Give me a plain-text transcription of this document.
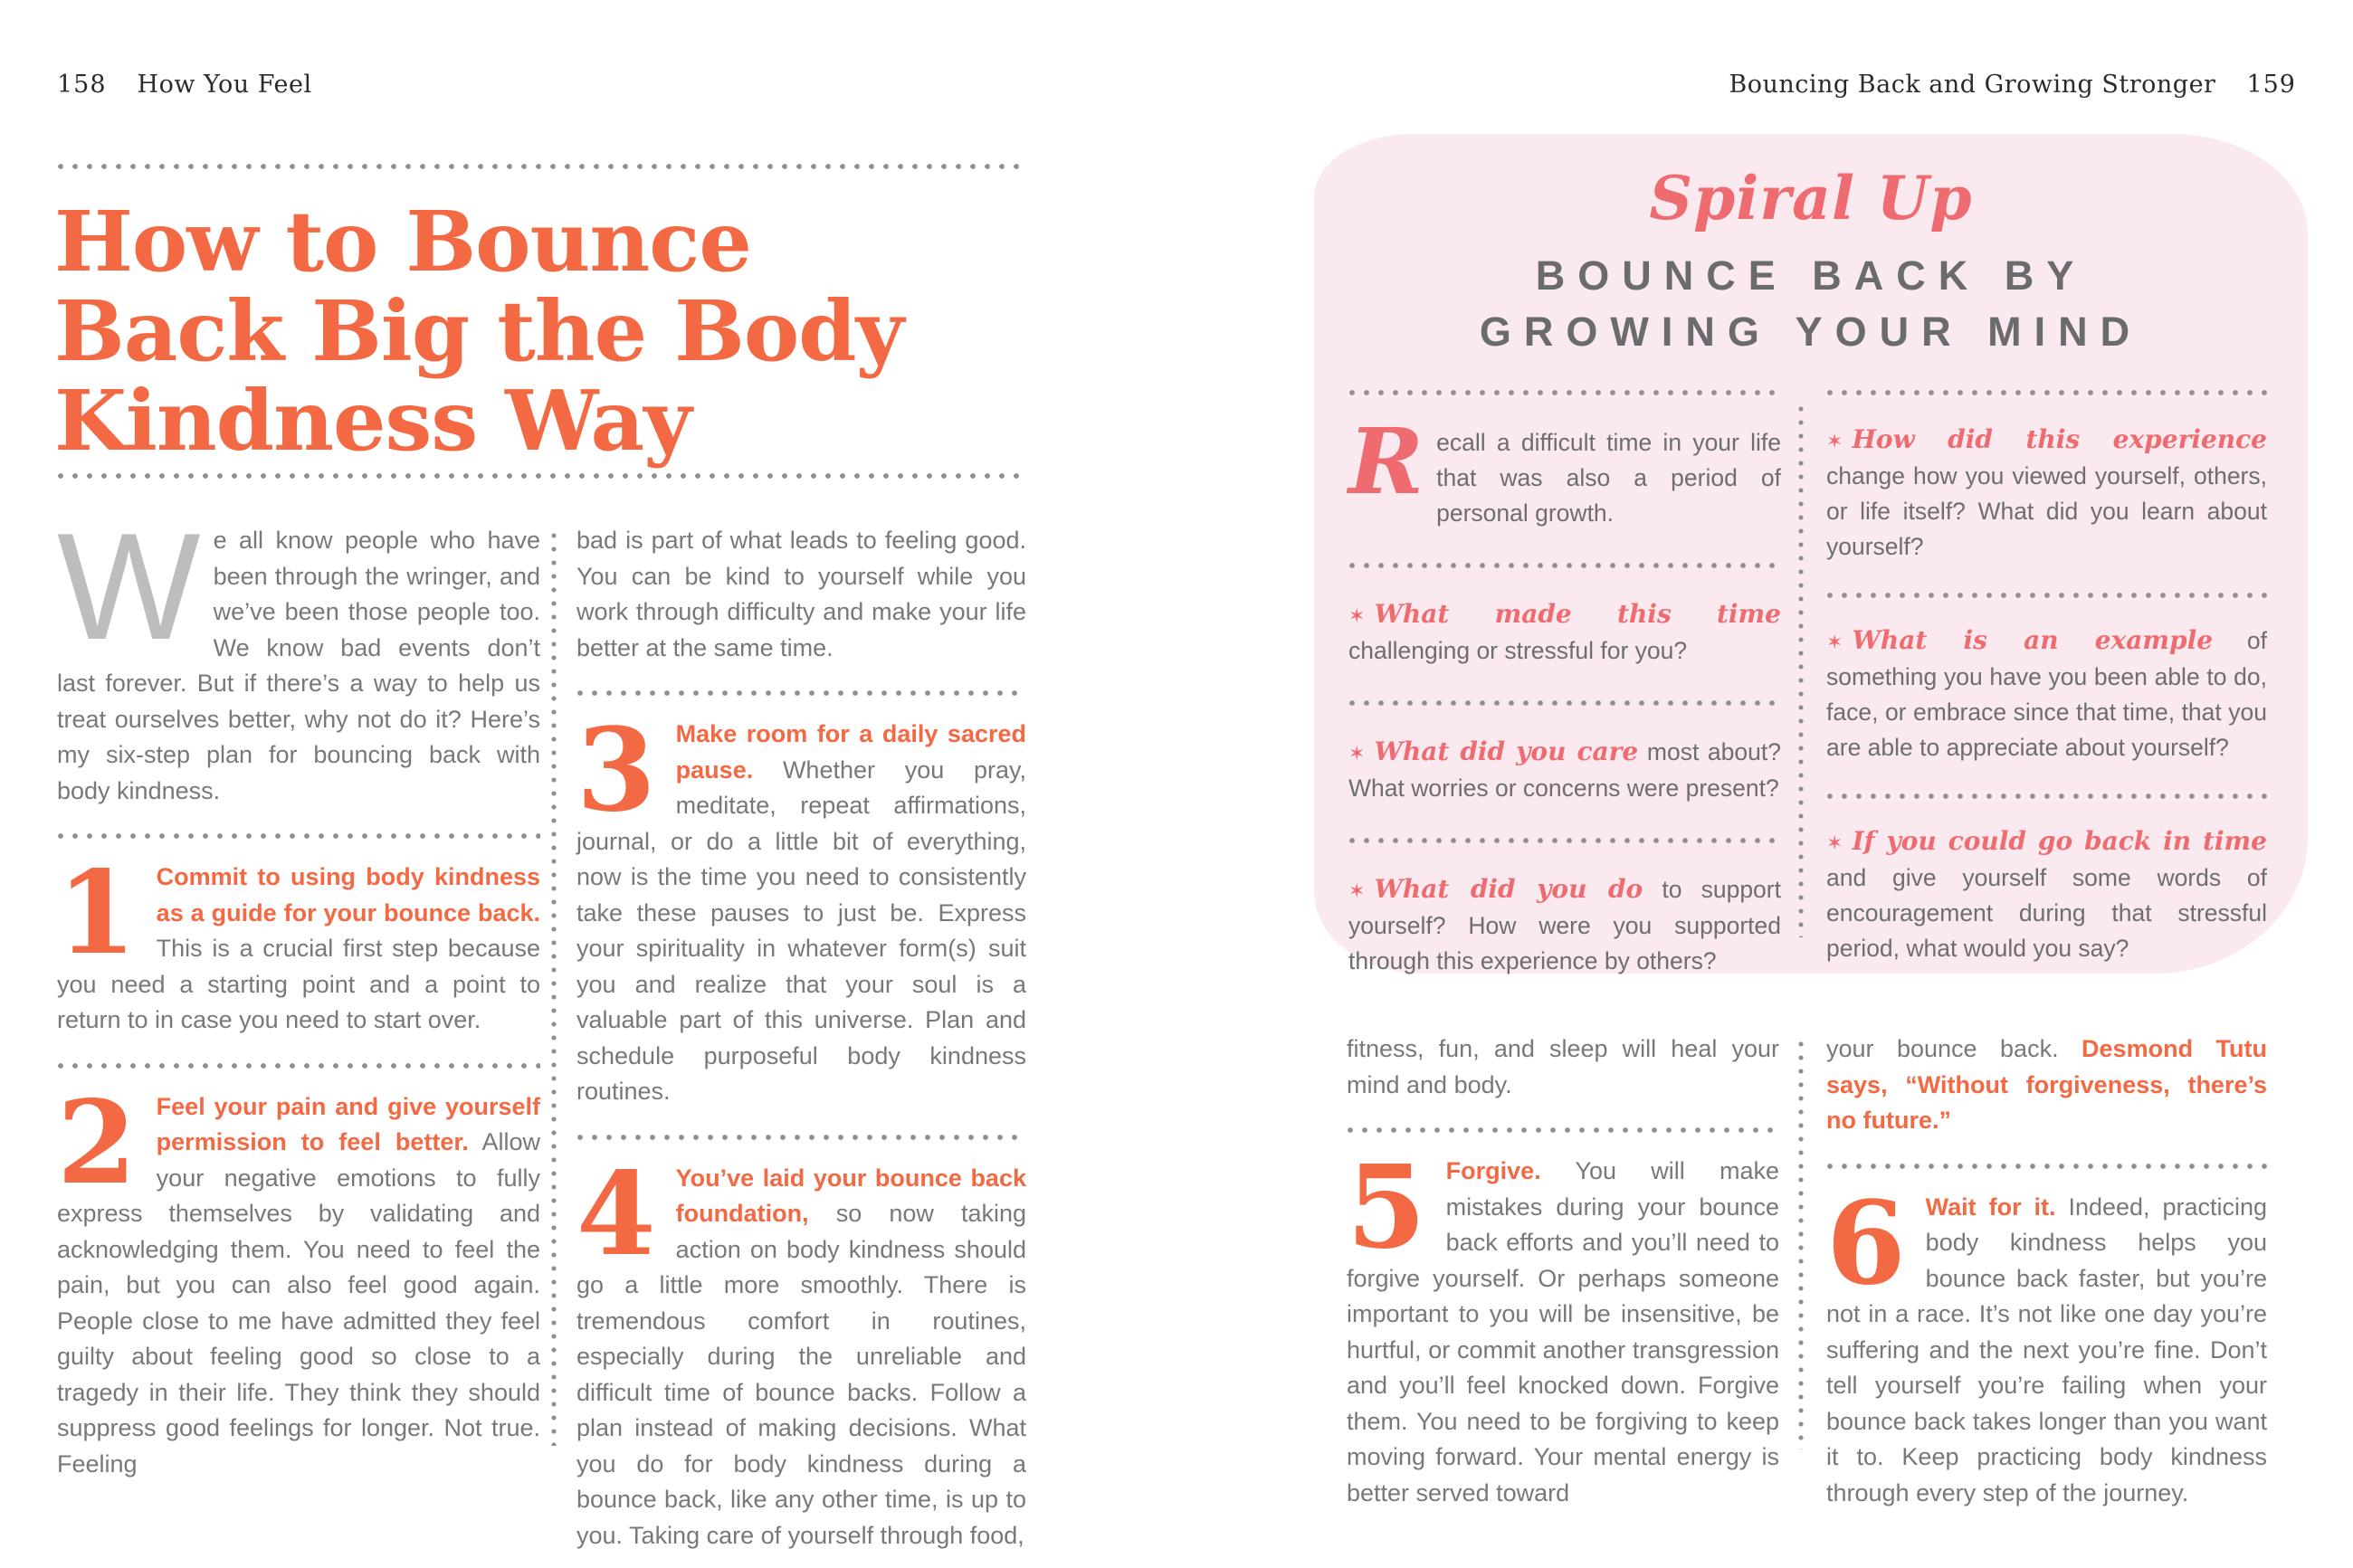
158 How You Feel
How to Bounce
Back Big the Body
Kindness Way

We all know people who have been through the wringer, and we’ve been those people too. We know bad events don’t last forever. But if there’s a way to help us treat ourselves better, why not do it? Here’s my six-step plan for bouncing back with body kindness.

1 Commit to using body kindness as a guide for your bounce back. This is a crucial first step because you need a starting point and a point to return to in case you need to start over.

2 Feel your pain and give yourself permission to feel better. Allow your negative emotions to fully express themselves by validating and acknowledging them. You need to feel the pain, but you can also feel good again. People close to me have admitted they feel guilty about feeling good so close to a tragedy in their life. They think they should suppress good feelings for longer. Not true. Feeling

bad is part of what leads to feeling good. You can be kind to yourself while you work through difficulty and make your life better at the same time.

3 Make room for a daily sacred pause. Whether you pray, meditate, repeat affirmations, journal, or do a little bit of everything, now is the time you need to consistently take these pauses to just be. Express your spirituality in whatever form(s) suit you and realize that your soul is a valuable part of this universe. Plan and schedule purposeful body kindness routines.

4 You’ve laid your bounce back foundation, so now taking action on body kindness should go a little more smoothly. There is tremendous comfort in routines, especially during the unreliable and difficult time of bounce backs. Follow a plan instead of making decisions. What you do for body kindness during a bounce back, like any other time, is up to you. Taking care of yourself through food,

Bouncing Back and Growing Stronger 159
Spiral Up
BOUNCE BACK BY
GROWING YOUR MIND

Recall a difficult time in your life that was also a period of personal growth.

✶ What made this time challenging or stressful for you?

✶ What did you care most about? What worries or concerns were present?

✶ What did you do to support yourself? How were you supported through this experience by others?

✶ How did this experience change how you viewed yourself, others, or life itself? What did you learn about yourself?

✶ What is an example of something you have you been able to do, face, or embrace since that time, that you are able to appreciate about yourself?

✶ If you could go back in time and give yourself some words of encouragement during that stressful period, what would you say?

fitness, fun, and sleep will heal your mind and body.

5 Forgive. You will make mistakes during your bounce back efforts and you’ll need to forgive yourself. Or perhaps someone important to you will be insensitive, be hurtful, or commit another transgression and you’ll feel knocked down. Forgive them. You need to be forgiving to keep moving forward. Your mental energy is better served toward

your bounce back. Desmond Tutu says, “Without forgiveness, there’s no future.”

6 Wait for it. Indeed, practicing body kindness helps you bounce back faster, but you’re not in a race. It’s not like one day you’re suffering and the next you’re fine. Don’t tell yourself you’re failing when your bounce back takes longer than you want it to. Keep practicing body kindness through every step of the journey.
